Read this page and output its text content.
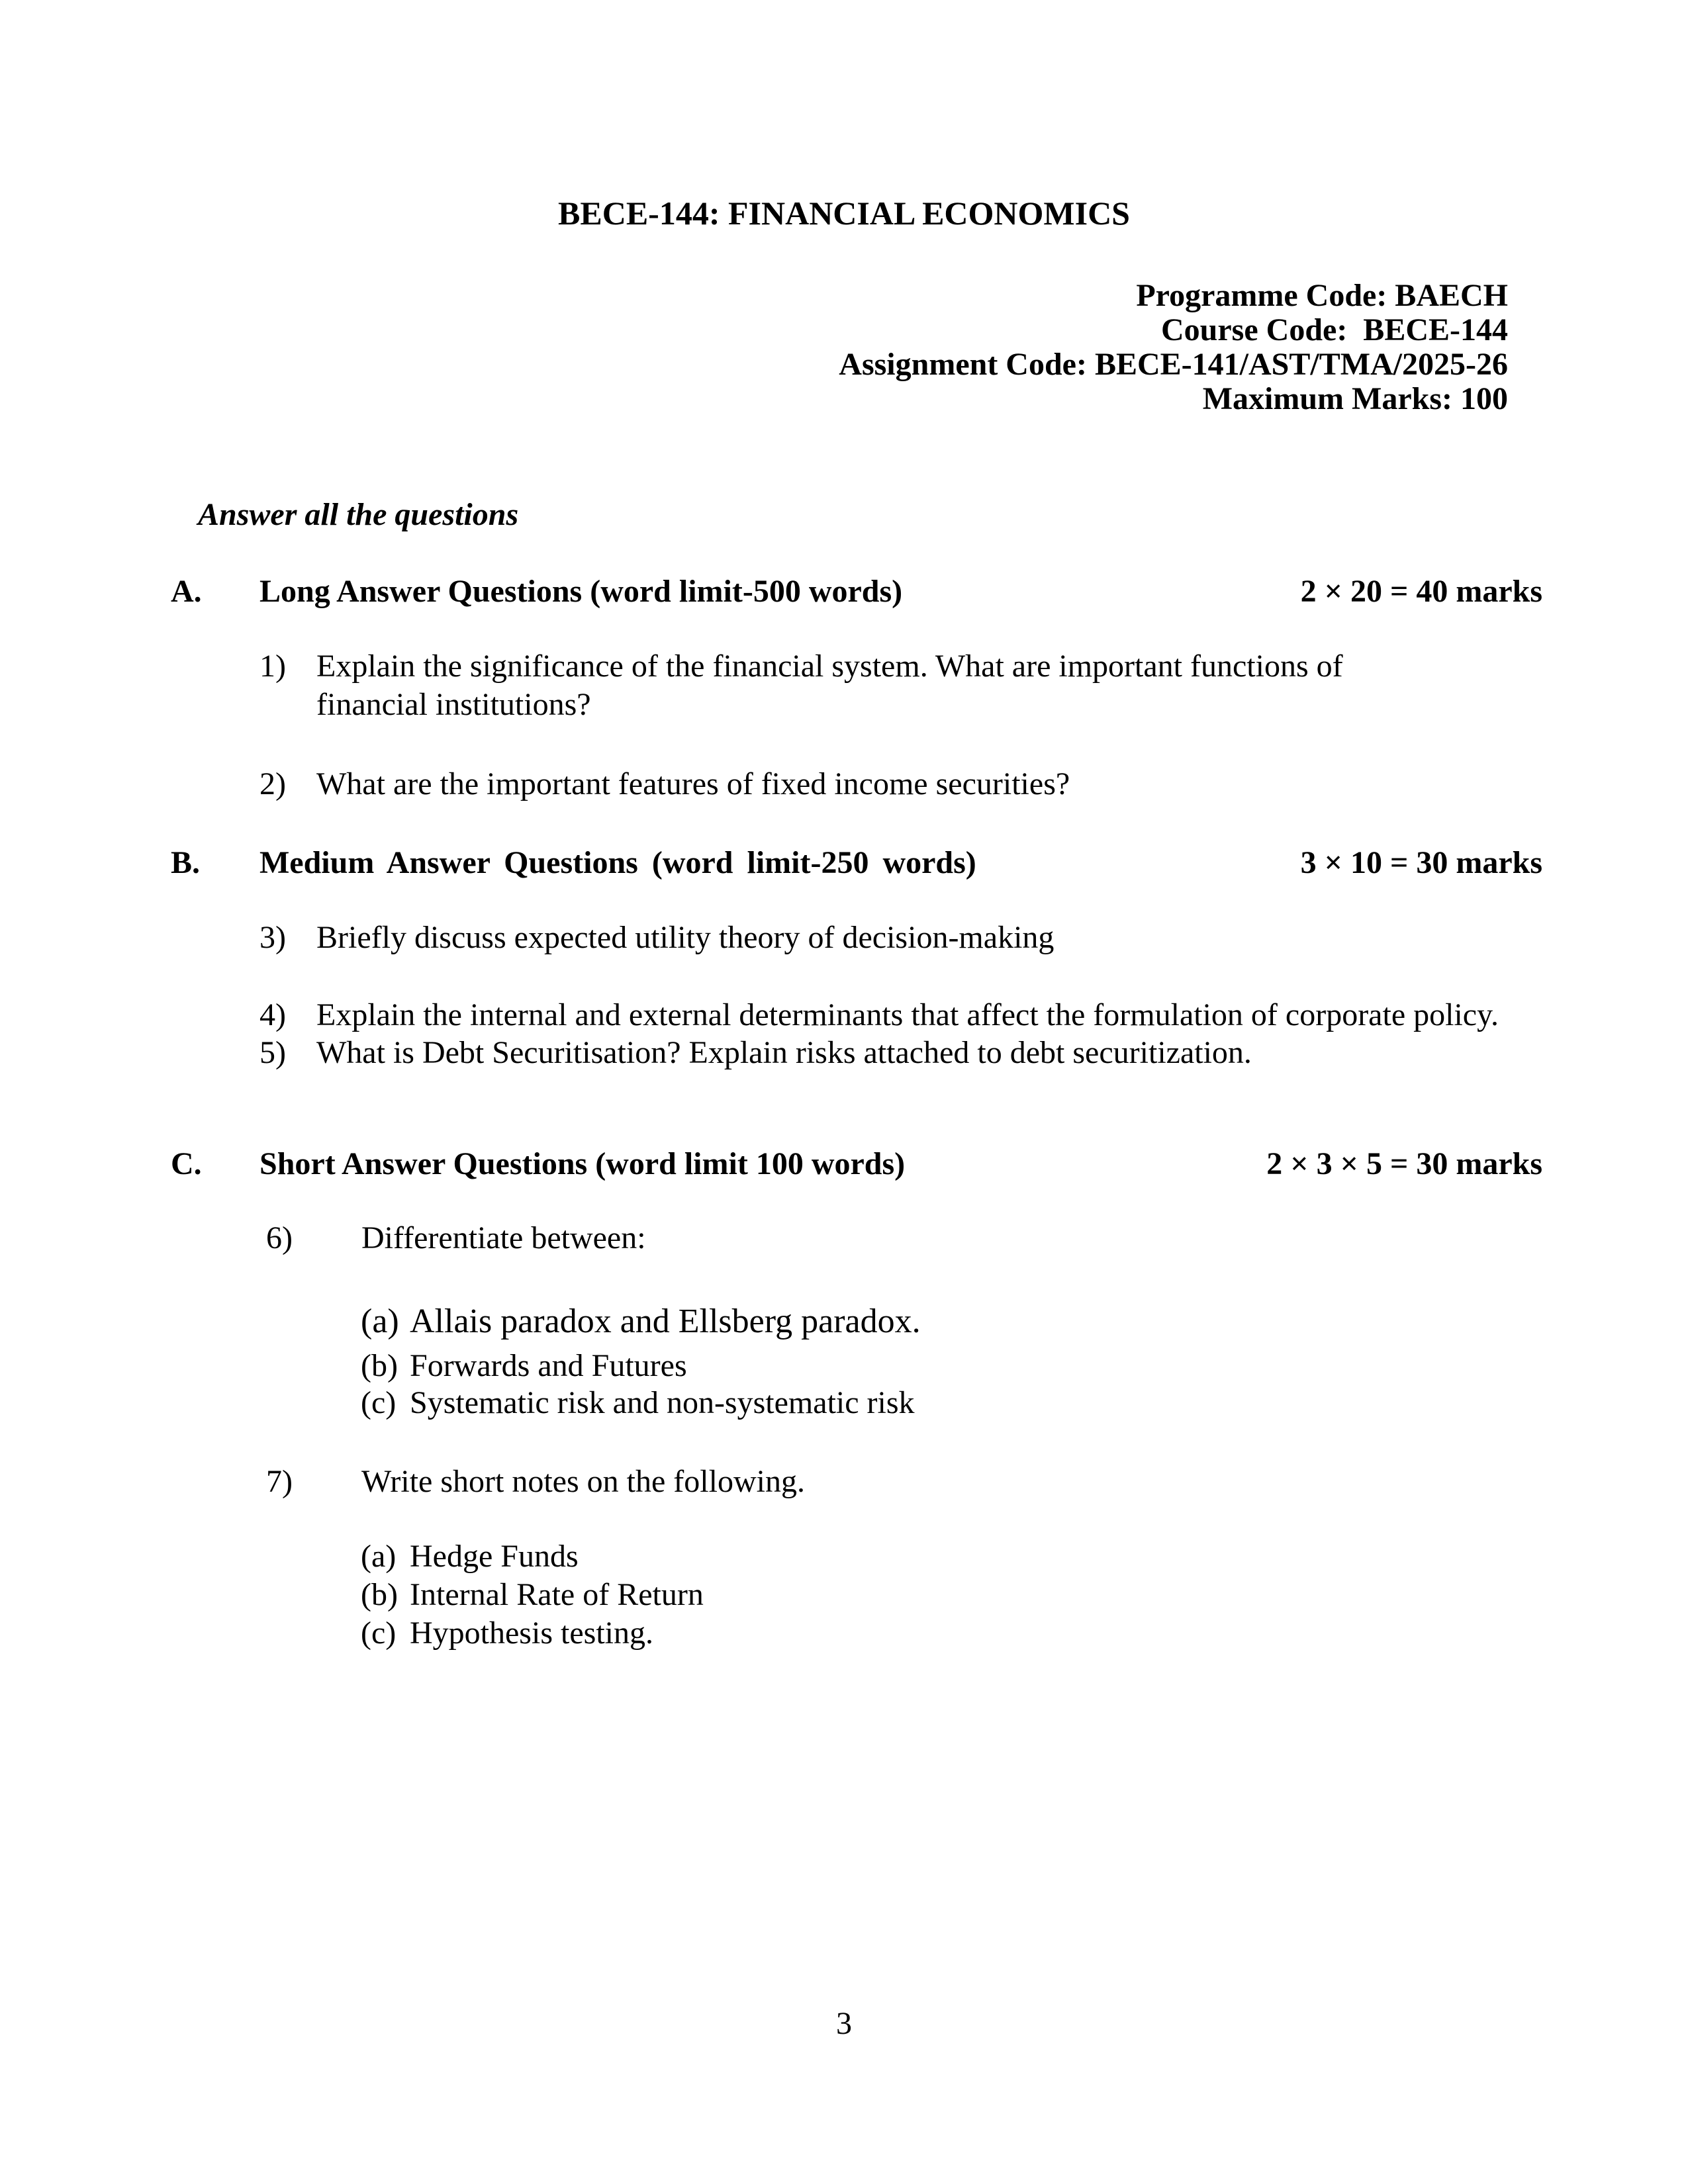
BECE-144: FINANCIAL ECONOMICS
Programme Code: BAECH
Course Code:  BECE-144
Assignment Code: BECE-141/AST/TMA/2025-26
Maximum Marks: 100
Answer all the questions
A. Long Answer Questions (word limit-500 words)	2 × 20 = 40 marks
1) Explain the significance of the financial system. What are important functions of
financial institutions?
2) What are the important features of fixed income securities?
B. Medium Answer Questions (word limit-250 words)	3 × 10 = 30 marks
3) Briefly discuss expected utility theory of decision-making
4) Explain the internal and external determinants that affect the formulation of corporate policy.
5) What is Debt Securitisation? Explain risks attached to debt securitization.
C. Short Answer Questions (word limit 100 words)	2 × 3 × 5 = 30 marks
6) Differentiate between:
(a) Allais paradox and Ellsberg paradox.
(b) Forwards and Futures
(c) Systematic risk and non-systematic risk
7) Write short notes on the following.
(a) Hedge Funds
(b) Internal Rate of Return
(c) Hypothesis testing.
3
